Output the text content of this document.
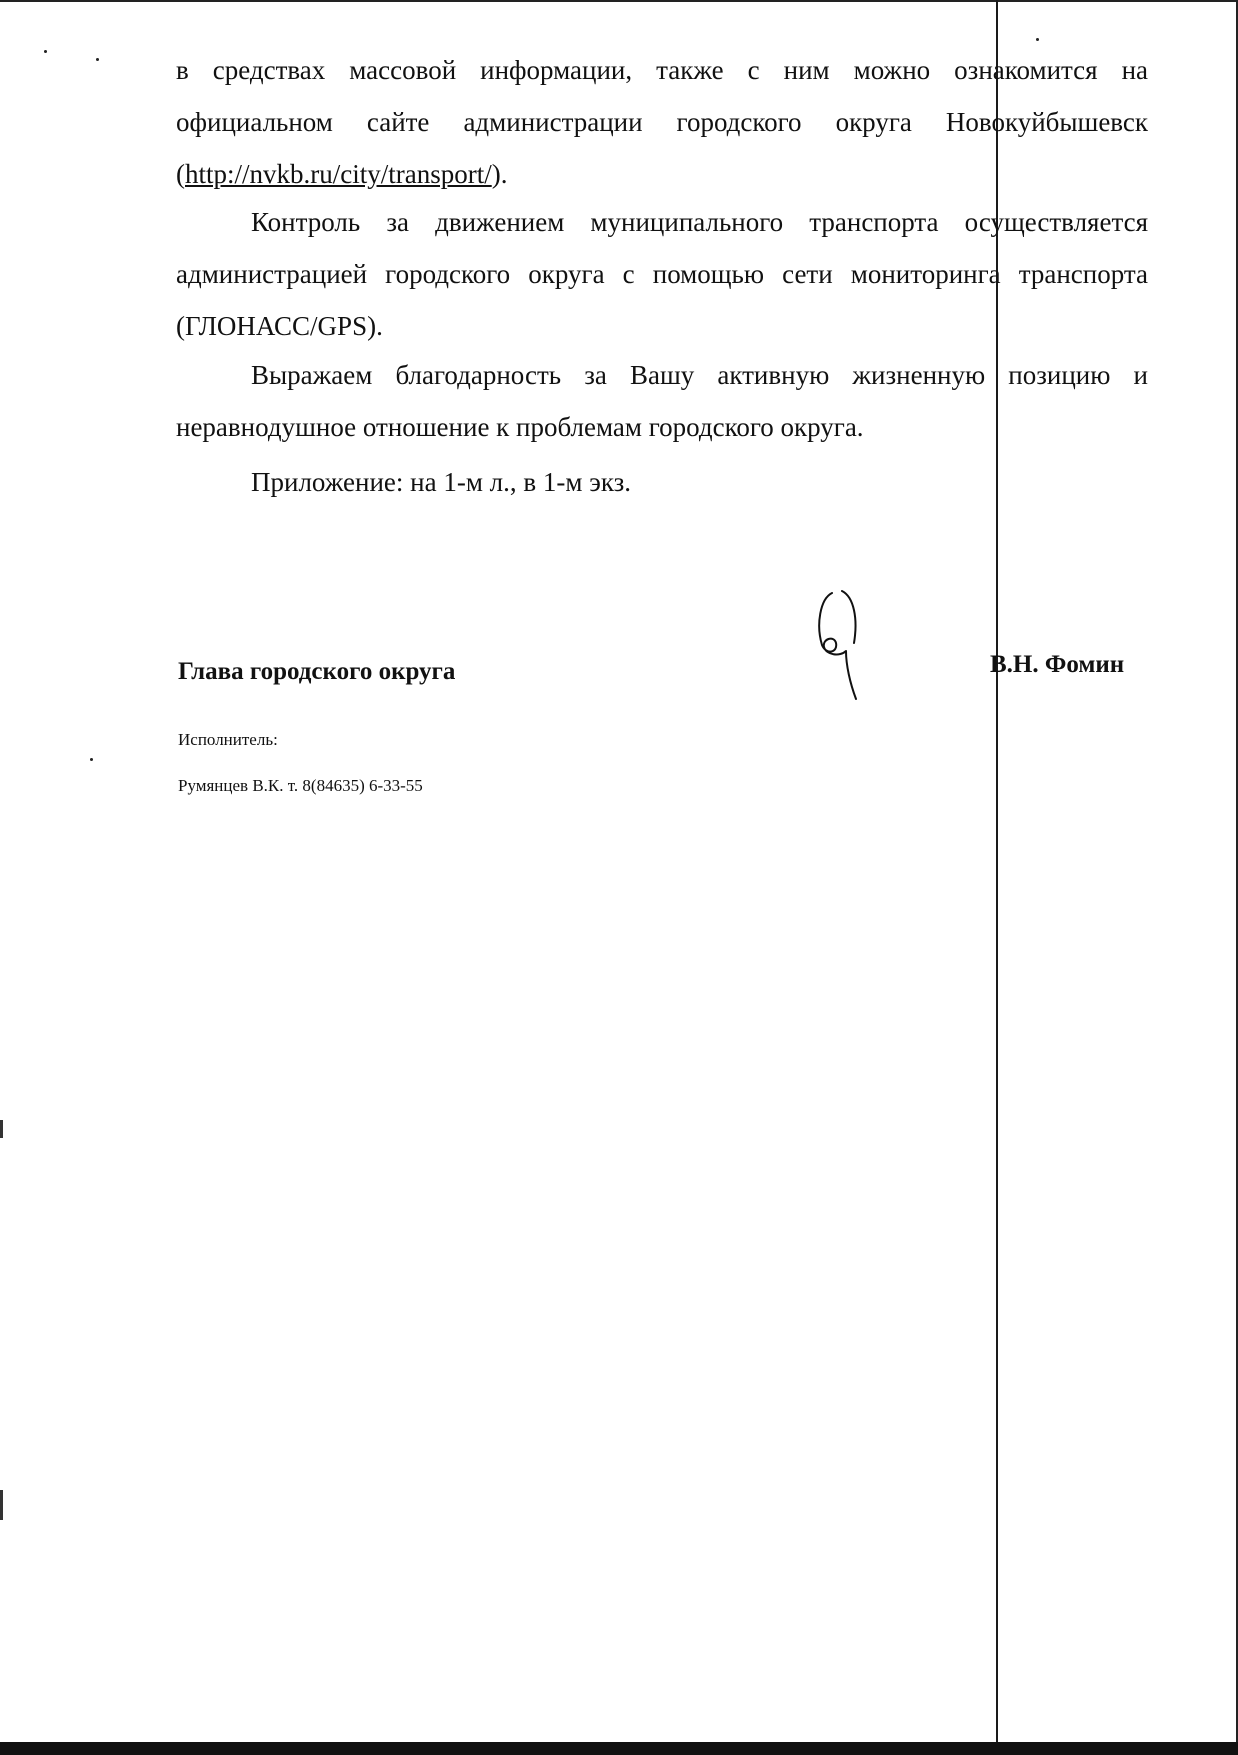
в средствах массовой информации, также с ним можно ознакомится на официальном сайте администрации городского округа Новокуйбышевск (http://nvkb.ru/city/transport/).

Контроль за движением муниципального транспорта осуществляется администрацией городского округа с помощью сети мониторинга транспорта (ГЛОНАСС/GPS).

Выражаем благодарность за Вашу активную жизненную позицию и неравнодушное отношение к проблемам городского округа.

Приложение: на 1-м л., в 1-м экз.

Глава городского округа	В.Н. Фомин
Исполнитель:
Румянцев В.К. т. 8(84635) 6-33-55
